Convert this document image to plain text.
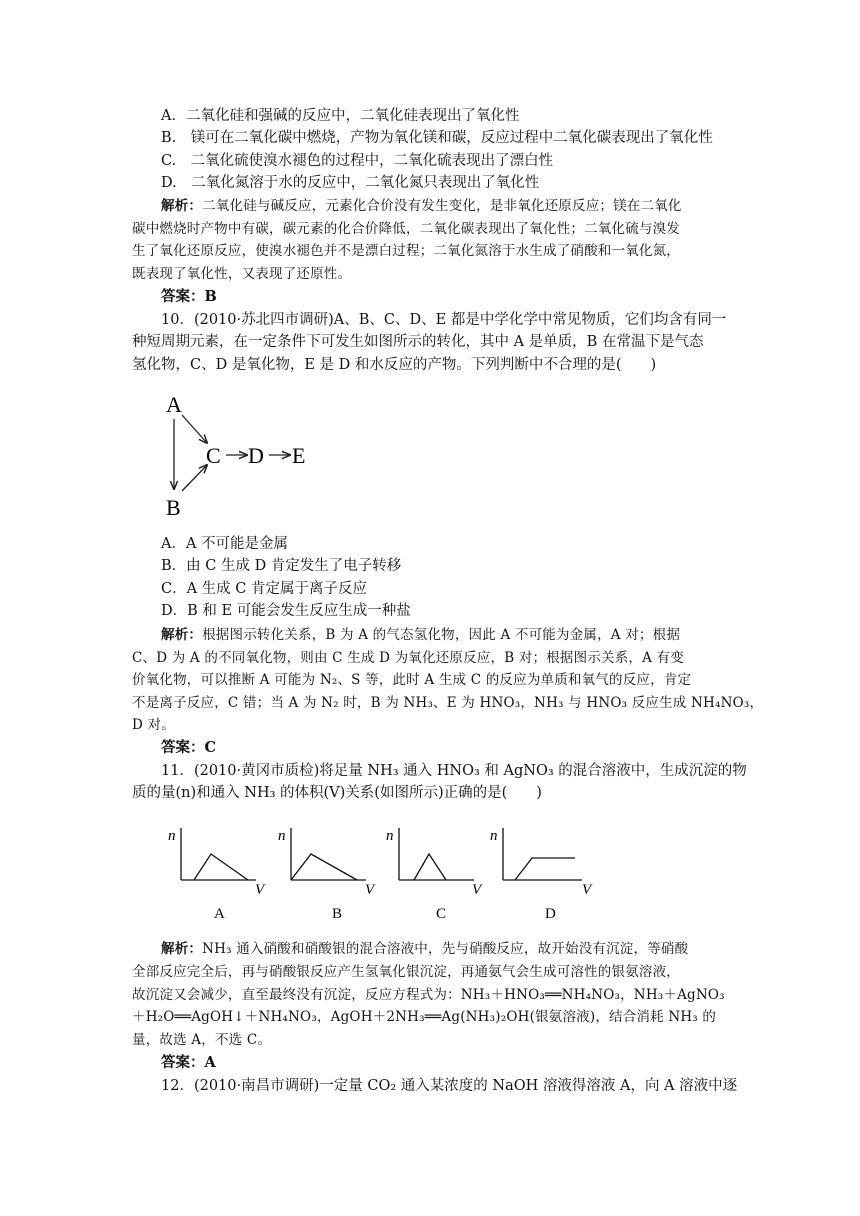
A．二氧化硅和强碱的反应中，二氧化硅表现出了氧化性
B.　镁可在二氧化碳中燃烧，产物为氧化镁和碳，反应过程中二氧化碳表现出了氧化性
C.　二氧化硫使溴水褪色的过程中，二氧化硫表现出了漂白性
D.　二氧化氮溶于水的反应中，二氧化氮只表现出了氧化性
解析：二氧化硅与碱反应，元素化合价没有发生变化，是非氧化还原反应；镁在二氧化
碳中燃烧时产物中有碳，碳元素的化合价降低，二氧化碳表现出了氧化性；二氧化硫与溴发
生了氧化还原反应，使溴水褪色并不是漂白过程；二氧化氮溶于水生成了硝酸和一氧化氮，
既表现了氧化性，又表现了还原性。
答案：B
10．(2010·苏北四市调研)A、B、C、D、E 都是中学化学中常见物质，它们均含有同一
种短周期元素，在一定条件下可发生如图所示的转化，其中 A 是单质，B 在常温下是气态
氢化物，C、D 是氧化物，E 是 D 和水反应的产物。下列判断中不合理的是(　　)
A
B
C D E
A．A 不可能是金属
B．由 C 生成 D 肯定发生了电子转移
C．A 生成 C 肯定属于离子反应
D．B 和 E 可能会发生反应生成一种盐
解析：根据图示转化关系，B 为 A 的气态氢化物，因此 A 不可能为金属，A 对；根据
C、D 为 A 的不同氧化物，则由 C 生成 D 为氧化还原反应，B 对；根据图示关系，A 有变
价氧化物，可以推断 A 可能为 N₂、S 等，此时 A 生成 C 的反应为单质和氧气的反应，肯定
不是离子反应，C 错；当 A 为 N₂ 时，B 为 NH₃、E 为 HNO₃，NH₃ 与 HNO₃ 反应生成 NH₄NO₃，
D 对。
答案：C
11．(2010·黄冈市质检)将足量 NH₃ 通入 HNO₃ 和 AgNO₃ 的混合溶液中，生成沉淀的物
质的量(n)和通入 NH₃ 的体积(V)关系(如图所示)正确的是(　　)
n
V
A
n
V
B
n
V
C
n
V
D
解析：NH₃ 通入硝酸和硝酸银的混合溶液中，先与硝酸反应，故开始没有沉淀，等硝酸
全部反应完全后，再与硝酸银反应产生氢氧化银沉淀，再通氨气会生成可溶性的银氨溶液，
故沉淀又会减少，直至最终没有沉淀，反应方程式为：NH₃＋HNO₃══NH₄NO₃，NH₃＋AgNO₃
＋H₂O══AgOH↓＋NH₄NO₃，AgOH＋2NH₃══Ag(NH₃)₂OH(银氨溶液)，结合消耗 NH₃ 的
量，故选 A，不选 C。
答案：A
12．(2010·南昌市调研)一定量 CO₂ 通入某浓度的 NaOH 溶液得溶液 A，向 A 溶液中逐
